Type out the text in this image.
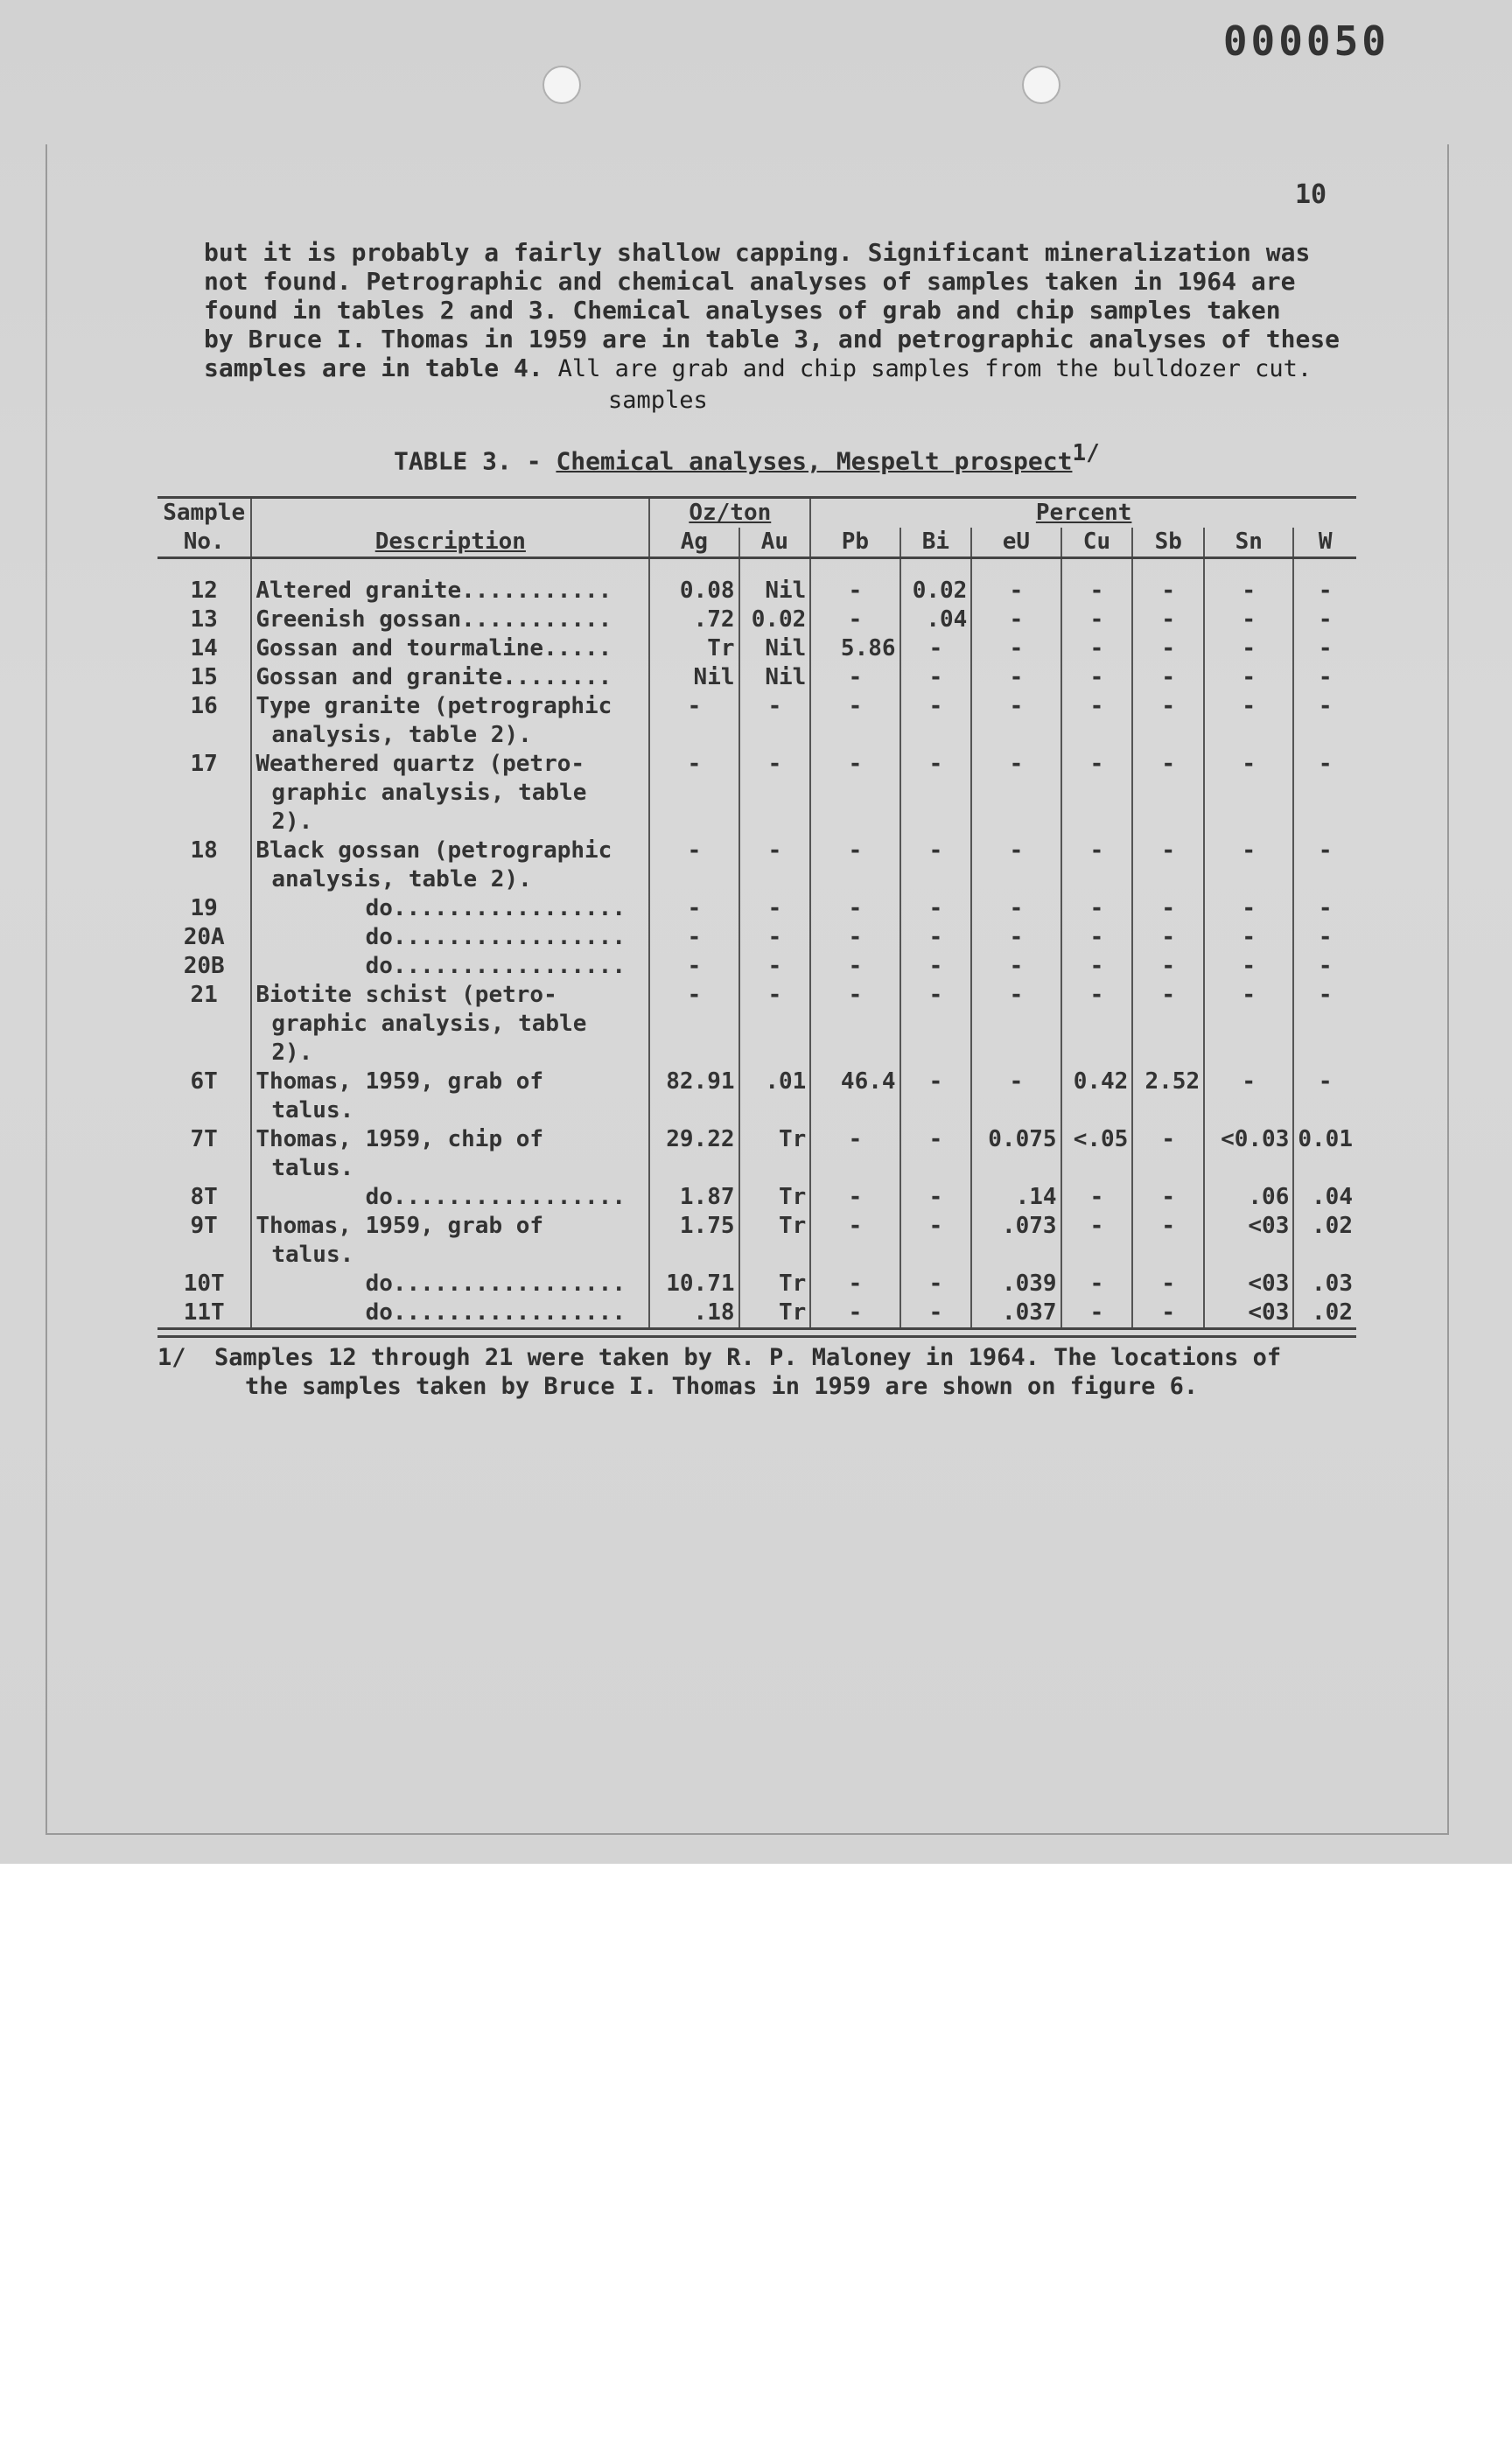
000050
10
but it is probably a fairly shallow capping. Significant mineralization was
not found. Petrographic and chemical analyses of samples taken in 1964 are
found in tables 2 and 3. Chemical analyses of grab and chip samples taken
by Bruce I. Thomas in 1959 are in table 3, and petrographic analyses of these
samples are in table 4. All are grab and chip samples from the bulldozer cut.
samples
TABLE 3. - Chemical analyses, Mespelt prospect$^{1/}$
Sample		Oz/ton		Percent						
No.	Description	Ag	Au	Pb	Bi	eU	Cu	Sb	Sn	W

12	Altered granite...........	0.08	Nil	-	0.02	-	-	-	-	-
13	Greenish gossan...........	.72	0.02	-	.04	-	-	-	-	-
14	Gossan and tourmaline.....	Tr	Nil	5.86	-	-	-	-	-	-
15	Gossan and granite........	Nil	Nil	-	-	-	-	-	-	-
16	Type granite (petrographic
analysis, table 2).	-	-	-	-	-	-	-	-	-
17	Weathered quartz (petro-
graphic analysis, table
2).	-	-	-	-	-	-	-	-	-
18	Black gossan (petrographic
analysis, table 2).	-	-	-	-	-	-	-	-	-
19	do.................	-	-	-	-	-	-	-	-	-
20A	do.................	-	-	-	-	-	-	-	-	-
20B	do.................	-	-	-	-	-	-	-	-	-
21	Biotite schist (petro-
graphic analysis, table
2).	-	-	-	-	-	-	-	-	-
6T	Thomas, 1959, grab of
talus.	82.91	.01	46.4	-	-	0.42	2.52	-	-
7T	Thomas, 1959, chip of
talus.	29.22	Tr	-	-	0.075	<.05	-	<0.03	0.01
8T	do.................	1.87	Tr	-	-	.14	-	-	.06	.04
9T	Thomas, 1959, grab of
talus.	1.75	Tr	-	-	.073	-	-	<03	.02
10T	do.................	10.71	Tr	-	-	.039	-	-	<03	.03
11T	do.................	.18	Tr	-	-	.037	-	-	<03	.02
1/ Samples 12 through 21 were taken by R. P. Maloney in 1964. The locations of
the samples taken by Bruce I. Thomas in 1959 are shown on figure 6.
